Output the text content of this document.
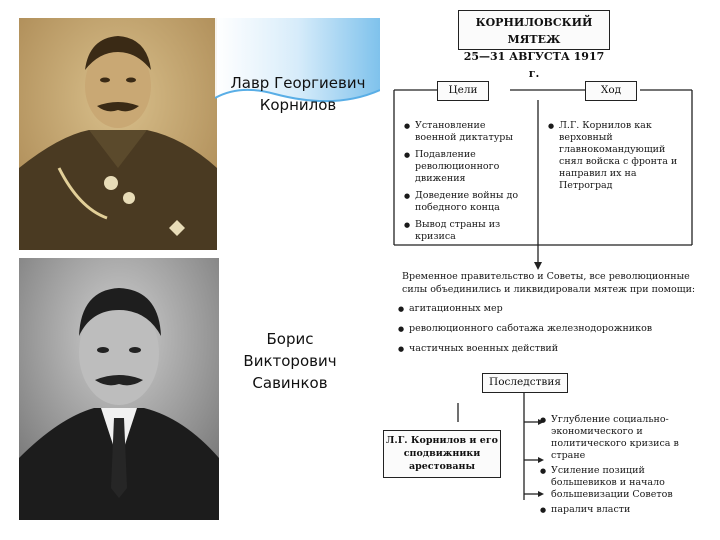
Лавр Георгиевич
Корнилов
Борис
Викторович
Савинков
КОРНИЛОВСКИЙ МЯТЕЖ
25—31 АВГУСТА 1917 г.
Цели	Ход
● Установление военной диктатуры
● Подавление революционного движения
● Доведение войны до победного конца
● Вывод страны из кризиса
● Л.Г. Корнилов как верховный главнокомандующий снял войска с фронта и направил их на Петроград
Временное правительство и Советы, все революционные силы объединились и ликвидировали мятеж при помощи:
● агитационных мер
● революционного саботажа железнодорожников
● частичных военных действий
Последствия
Л.Г. Корнилов и его
сподвижники
арестованы
● Углубление социально-экономического и политического кризиса в стране
● Усиление позиций большевиков и начало большевизации Советов
● паралич власти
